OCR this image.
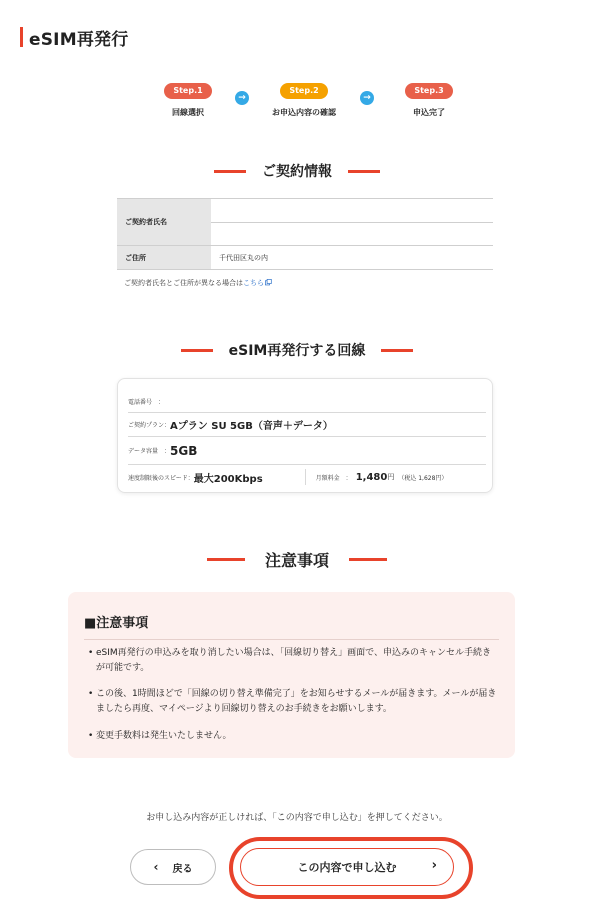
eSIM再発行
Step.1
回線選択
→
Step.2
お申込内容の確認
→
Step.3
申込完了
ご契約情報
ご契約者氏名
ご住所	千代田区丸の内
ご契約者氏名とご住所が異なる場合はこちら
eSIM再発行する回線
電話番号　：
ご契約プラン： Aプラン SU 5GB（音声＋データ）
データ容量　： 5GB
速度制限後のスピード： 最大200Kbps	月額料金　： 1,480 円 （税込 1,628円）
注意事項
■注意事項
• eSIM再発行の申込みを取り消したい場合は、「回線切り替え」画面で、申込みのキャンセル手続きが可能です。
• この後、1時間ほどで「回線の切り替え準備完了」をお知らせするメールが届きます。メールが届きましたら再度、マイページより回線切り替えのお手続きをお願いします。
• 変更手数料は発生いたしません。
お申し込み内容が正しければ、「この内容で申し込む」を押してください。
‹ 戻る	この内容で申し込む	›
